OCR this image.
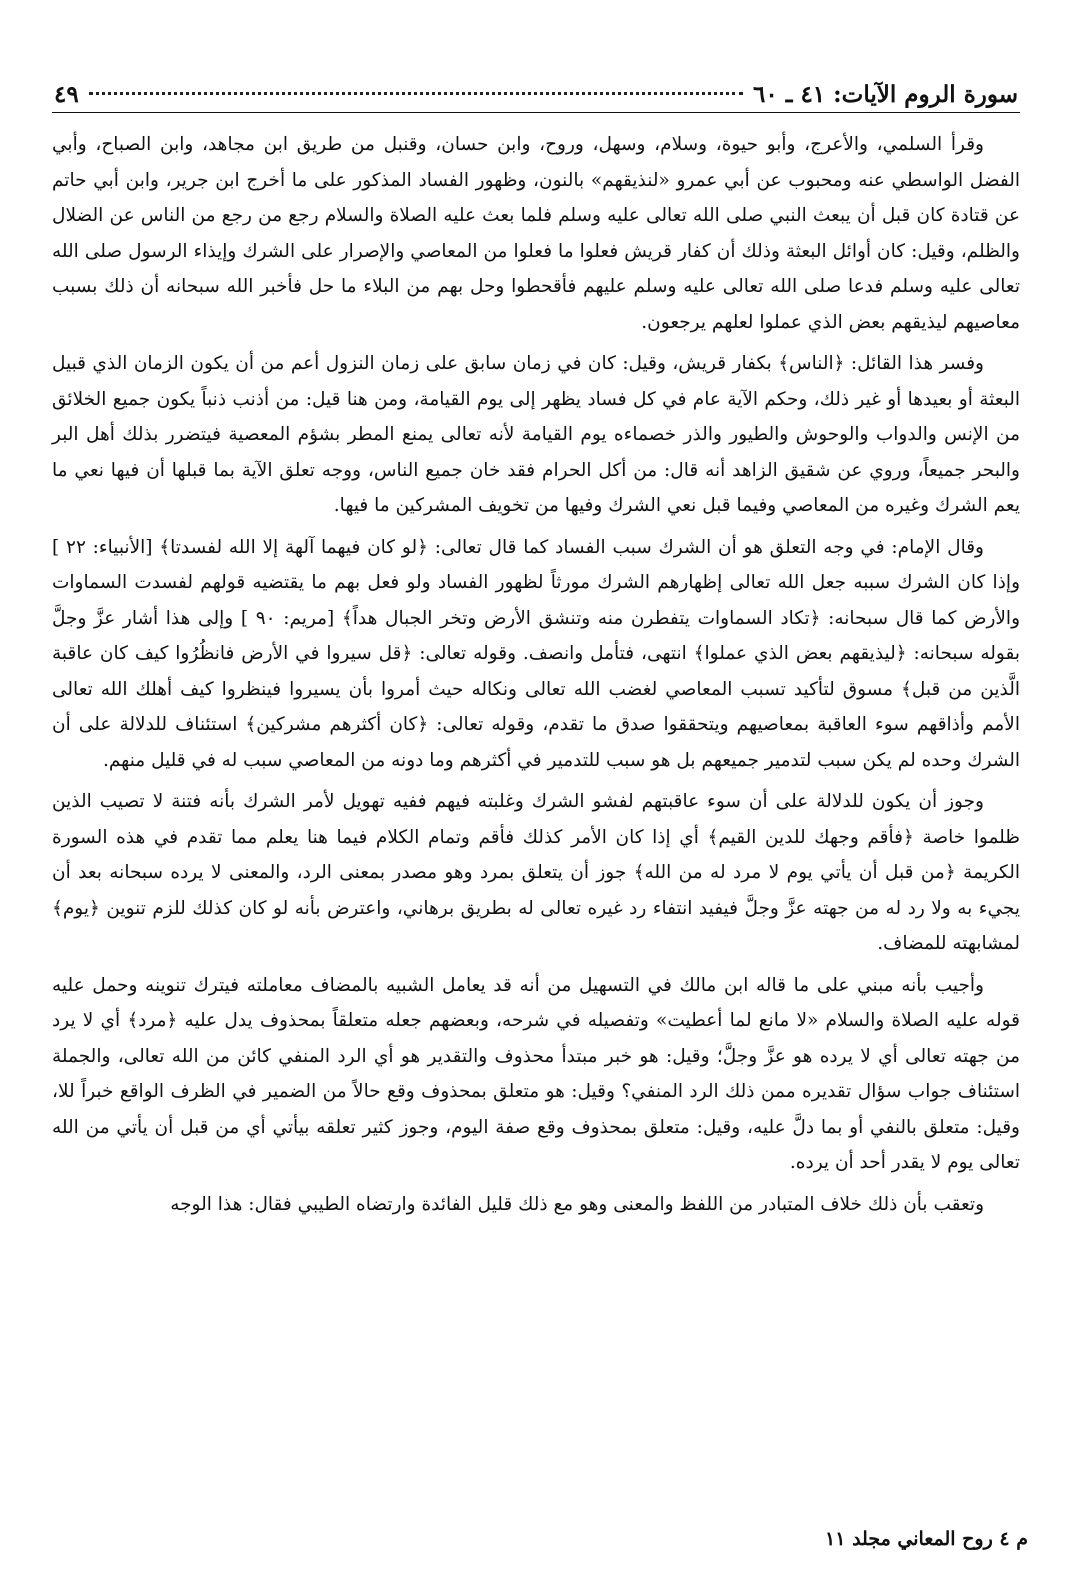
سورة الروم الآيات: ٤١ ـ ٦٠
٤٩

وقرأ السلمي، والأعرج، وأبو حيوة، وسلام، وسهل، وروح، وابن حسان، وقنبل من طريق ابن مجاهد، وابن الصباح، وأبي الفضل الواسطي عنه ومحبوب عن أبي عمرو «لنذيقهم» بالنون، وظهور الفساد المذكور على ما أخرج ابن جرير، وابن أبي حاتم عن قتادة كان قبل أن يبعث النبي صلى الله تعالى عليه وسلم فلما بعث عليه الصلاة والسلام رجع من رجع من الناس عن الضلال والظلم، وقيل: كان أوائل البعثة وذلك أن كفار قريش فعلوا ما فعلوا من المعاصي والإصرار على الشرك وإيذاء الرسول صلى الله تعالى عليه وسلم فدعا صلى الله تعالى عليه وسلم عليهم فأقحطوا وحل بهم من البلاء ما حل فأخبر الله سبحانه أن ذلك بسبب معاصيهم ليذيقهم بعض الذي عملوا لعلهم يرجعون.

وفسر هذا القائل: ﴿الناس﴾ بكفار قريش، وقيل: كان في زمان سابق على زمان النزول أعم من أن يكون الزمان الذي قبيل البعثة أو بعيدها أو غير ذلك، وحكم الآية عام في كل فساد يظهر إلى يوم القيامة، ومن هنا قيل: من أذنب ذنباً يكون جميع الخلائق من الإنس والدواب والوحوش والطيور والذر خصماءه يوم القيامة لأنه تعالى يمنع المطر بشؤم المعصية فيتضرر بذلك أهل البر والبحر جميعاً، وروي عن شقيق الزاهد أنه قال: من أكل الحرام فقد خان جميع الناس، ووجه تعلق الآية بما قبلها أن فيها نعي ما يعم الشرك وغيره من المعاصي وفيما قبل نعي الشرك وفيها من تخويف المشركين ما فيها.

وقال الإمام: في وجه التعلق هو أن الشرك سبب الفساد كما قال تعالى: ﴿لو كان فيهما آلهة إلا الله لفسدتا﴾ [الأنبياء: ٢٢ ] وإذا كان الشرك سببه جعل الله تعالى إظهارهم الشرك مورثاً لظهور الفساد ولو فعل بهم ما يقتضيه قولهم لفسدت السماوات والأرض كما قال سبحانه: ﴿تكاد السماوات يتفطرن منه وتنشق الأرض وتخر الجبال هداً﴾ [مريم: ٩٠ ] وإلى هذا أشار عزَّ وجلَّ بقوله سبحانه: ﴿ليذيقهم بعض الذي عملوا﴾ انتهى، فتأمل وانصف. وقوله تعالى: ﴿قل سيروا في الأرض فانظُرُوا كيف كان عاقبة الَّذين من قبل﴾ مسوق لتأكيد تسبب المعاصي لغضب الله تعالى ونكاله حيث أمروا بأن يسيروا فينظروا كيف أهلك الله تعالى الأمم وأذاقهم سوء العاقبة بمعاصيهم ويتحققوا صدق ما تقدم، وقوله تعالى: ﴿كان أكثرهم مشركين﴾ استئناف للدلالة على أن الشرك وحده لم يكن سبب لتدمير جميعهم بل هو سبب للتدمير في أكثرهم وما دونه من المعاصي سبب له في قليل منهم.

وجوز أن يكون للدلالة على أن سوء عاقبتهم لفشو الشرك وغلبته فيهم ففيه تهويل لأمر الشرك بأنه فتنة لا تصيب الذين ظلموا خاصة ﴿فأقم وجهك للدين القيم﴾ أي إذا كان الأمر كذلك فأقم وتمام الكلام فيما هنا يعلم مما تقدم في هذه السورة الكريمة ﴿من قبل أن يأتي يوم لا مرد له من الله﴾ جوز أن يتعلق بمرد وهو مصدر بمعنى الرد، والمعنى لا يرده سبحانه بعد أن يجيء به ولا رد له من جهته عزَّ وجلَّ فيفيد انتفاء رد غيره تعالى له بطريق برهاني، واعترض بأنه لو كان كذلك للزم تنوين ﴿يوم﴾ لمشابهته للمضاف.

وأجيب بأنه مبني على ما قاله ابن مالك في التسهيل من أنه قد يعامل الشبيه بالمضاف معاملته فيترك تنوينه وحمل عليه قوله عليه الصلاة والسلام «لا مانع لما أعطيت» وتفصيله في شرحه، وبعضهم جعله متعلقاً بمحذوف يدل عليه ﴿مرد﴾ أي لا يرد من جهته تعالى أي لا يرده هو عزَّ وجلَّ؛ وقيل: هو خبر مبتدأ محذوف والتقدير هو أي الرد المنفي كائن من الله تعالى، والجملة استئناف جواب سؤال تقديره ممن ذلك الرد المنفي؟ وقيل: هو متعلق بمحذوف وقع حالاً من الضمير في الظرف الواقع خبراً للا، وقيل: متعلق بالنفي أو بما دلَّ عليه، وقيل: متعلق بمحذوف وقع صفة اليوم، وجوز كثير تعلقه بيأتي أي من قبل أن يأتي من الله تعالى يوم لا يقدر أحد أن يرده.

وتعقب بأن ذلك خلاف المتبادر من اللفظ والمعنى وهو مع ذلك قليل الفائدة وارتضاه الطيبي فقال: هذا الوجه

م ٤ روح المعاني مجلد ١١
